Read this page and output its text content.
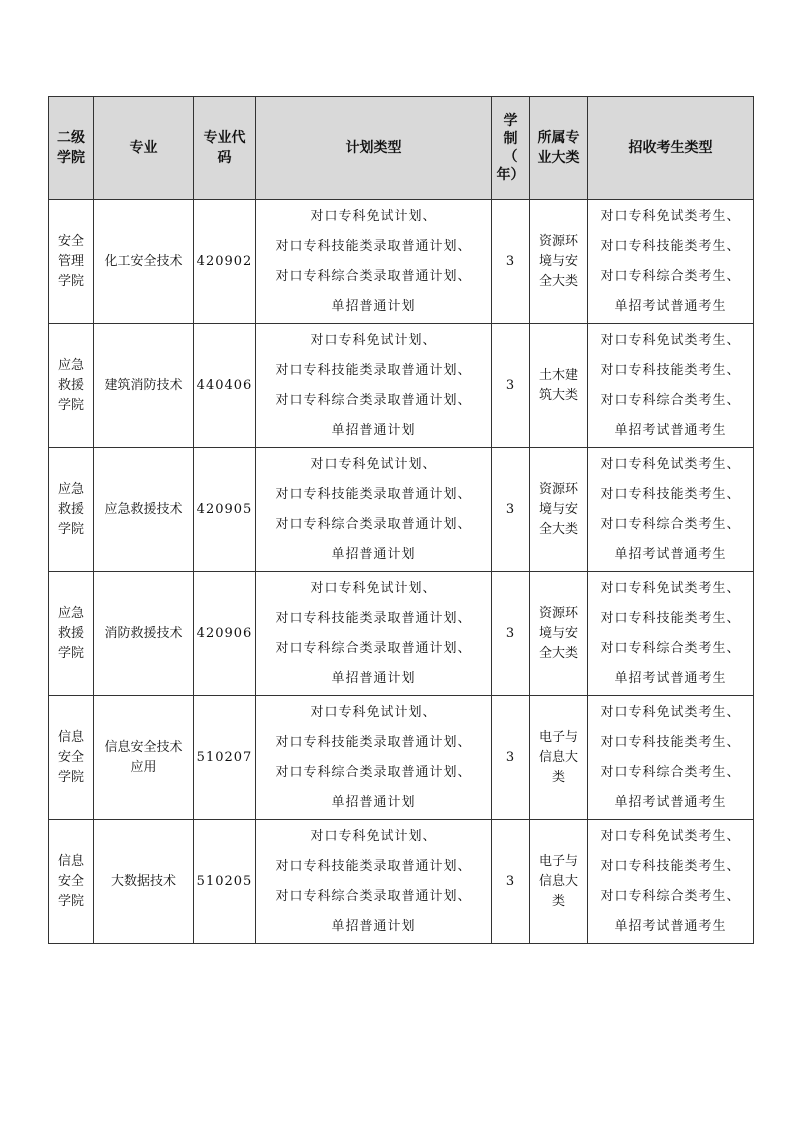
二级
学院	专业	专业代
码	计划类型	学
制
（
年）	所属专
业大类	招收考生类型

安全
管理
学院	化工安全技术	420902	对口专科免试计划、
对口专科技能类录取普通计划、
对口专科综合类录取普通计划、
单招普通计划	3	资源环
境与安
全大类	对口专科免试类考生、
对口专科技能类考生、
对口专科综合类考生、
单招考试普通考生

应急
救援
学院	建筑消防技术	440406	对口专科免试计划、
对口专科技能类录取普通计划、
对口专科综合类录取普通计划、
单招普通计划	3	土木建
筑大类	对口专科免试类考生、
对口专科技能类考生、
对口专科综合类考生、
单招考试普通考生

应急
救援
学院	应急救援技术	420905	对口专科免试计划、
对口专科技能类录取普通计划、
对口专科综合类录取普通计划、
单招普通计划	3	资源环
境与安
全大类	对口专科免试类考生、
对口专科技能类考生、
对口专科综合类考生、
单招考试普通考生

应急
救援
学院	消防救援技术	420906	对口专科免试计划、
对口专科技能类录取普通计划、
对口专科综合类录取普通计划、
单招普通计划	3	资源环
境与安
全大类	对口专科免试类考生、
对口专科技能类考生、
对口专科综合类考生、
单招考试普通考生

信息
安全
学院	信息安全技术
应用	510207	对口专科免试计划、
对口专科技能类录取普通计划、
对口专科综合类录取普通计划、
单招普通计划	3	电子与
信息大
类	对口专科免试类考生、
对口专科技能类考生、
对口专科综合类考生、
单招考试普通考生

信息
安全
学院	大数据技术	510205	对口专科免试计划、
对口专科技能类录取普通计划、
对口专科综合类录取普通计划、
单招普通计划	3	电子与
信息大
类	对口专科免试类考生、
对口专科技能类考生、
对口专科综合类考生、
单招考试普通考生
